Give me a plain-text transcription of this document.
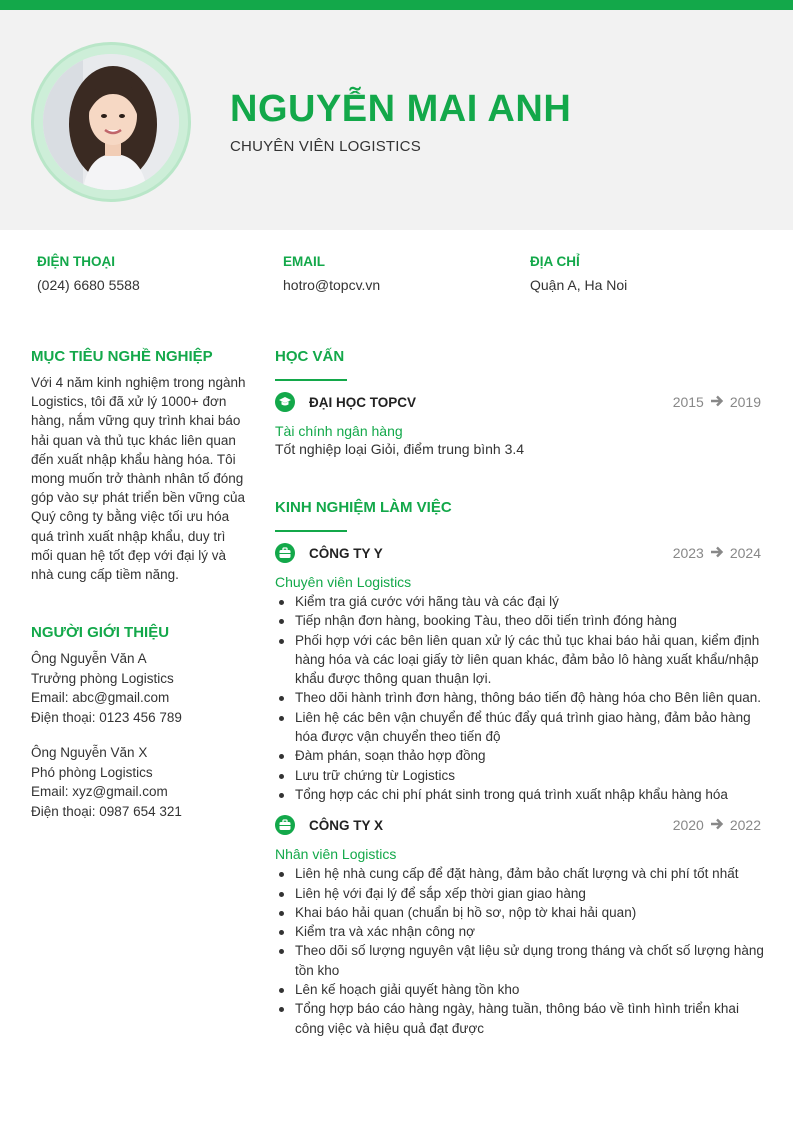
NGUYỄN MAI ANH
CHUYÊN VIÊN LOGISTICS
ĐIỆN THOẠI
(024) 6680 5588
EMAIL
hotro@topcv.vn
ĐỊA CHỈ
Quận A, Ha Noi
MỤC TIÊU NGHỀ NGHIỆP
Với 4 năm kinh nghiệm trong ngành
Logistics, tôi đã xử lý 1000+ đơn
hàng, nắm vững quy trình khai báo
hải quan và thủ tục khác liên quan
đến xuất nhập khẩu hàng hóa. Tôi
mong muốn trở thành nhân tố đóng
góp vào sự phát triển bền vững của
Quý công ty bằng việc tối ưu hóa
quá trình xuất nhập khẩu, duy trì
mối quan hệ tốt đẹp với đại lý và
nhà cung cấp tiềm năng.
NGƯỜI GIỚI THIỆU
Ông Nguyễn Văn A
Trưởng phòng Logistics
Email: abc@gmail.com
Điện thoại: 0123 456 789
Ông Nguyễn Văn X
Phó phòng Logistics
Email: xyz@gmail.com
Điện thoại: 0987 654 321
HỌC VẤN
ĐẠI HỌC TOPCV	2015 2019
Tài chính ngân hàng
Tốt nghiệp loại Giỏi, điểm trung bình 3.4
KINH NGHIỆM LÀM VIỆC
CÔNG TY Y	2023 2024
Chuyên viên Logistics
Kiểm tra giá cước với hãng tàu và các đại lý
Tiếp nhận đơn hàng, booking Tàu, theo dõi tiến trình đóng hàng
Phối hợp với các bên liên quan xử lý các thủ tục khai báo hải quan, kiểm định hàng hóa và các loại giấy tờ liên quan khác, đảm bảo lô hàng xuất khẩu/nhập khẩu được thông quan thuận lợi.
Theo dõi hành trình đơn hàng, thông báo tiến độ hàng hóa cho Bên liên quan.
Liên hệ các bên vận chuyển để thúc đẩy quá trình giao hàng, đảm bảo hàng hóa được vận chuyển theo tiến độ
Đàm phán, soạn thảo hợp đồng
Lưu trữ chứng từ Logistics
Tổng hợp các chi phí phát sinh trong quá trình xuất nhập khẩu hàng hóa
CÔNG TY X	2020 2022
Nhân viên Logistics
Liên hệ nhà cung cấp để đặt hàng, đảm bảo chất lượng và chi phí tốt nhất
Liên hệ với đại lý để sắp xếp thời gian giao hàng
Khai báo hải quan (chuẩn bị hồ sơ, nộp tờ khai hải quan)
Kiểm tra và xác nhận công nợ
Theo dõi số lượng nguyên vật liệu sử dụng trong tháng và chốt số lượng hàng tồn kho
Lên kế hoạch giải quyết hàng tồn kho
Tổng hợp báo cáo hàng ngày, hàng tuần, thông báo về tình hình triển khai công việc và hiệu quả đạt được
